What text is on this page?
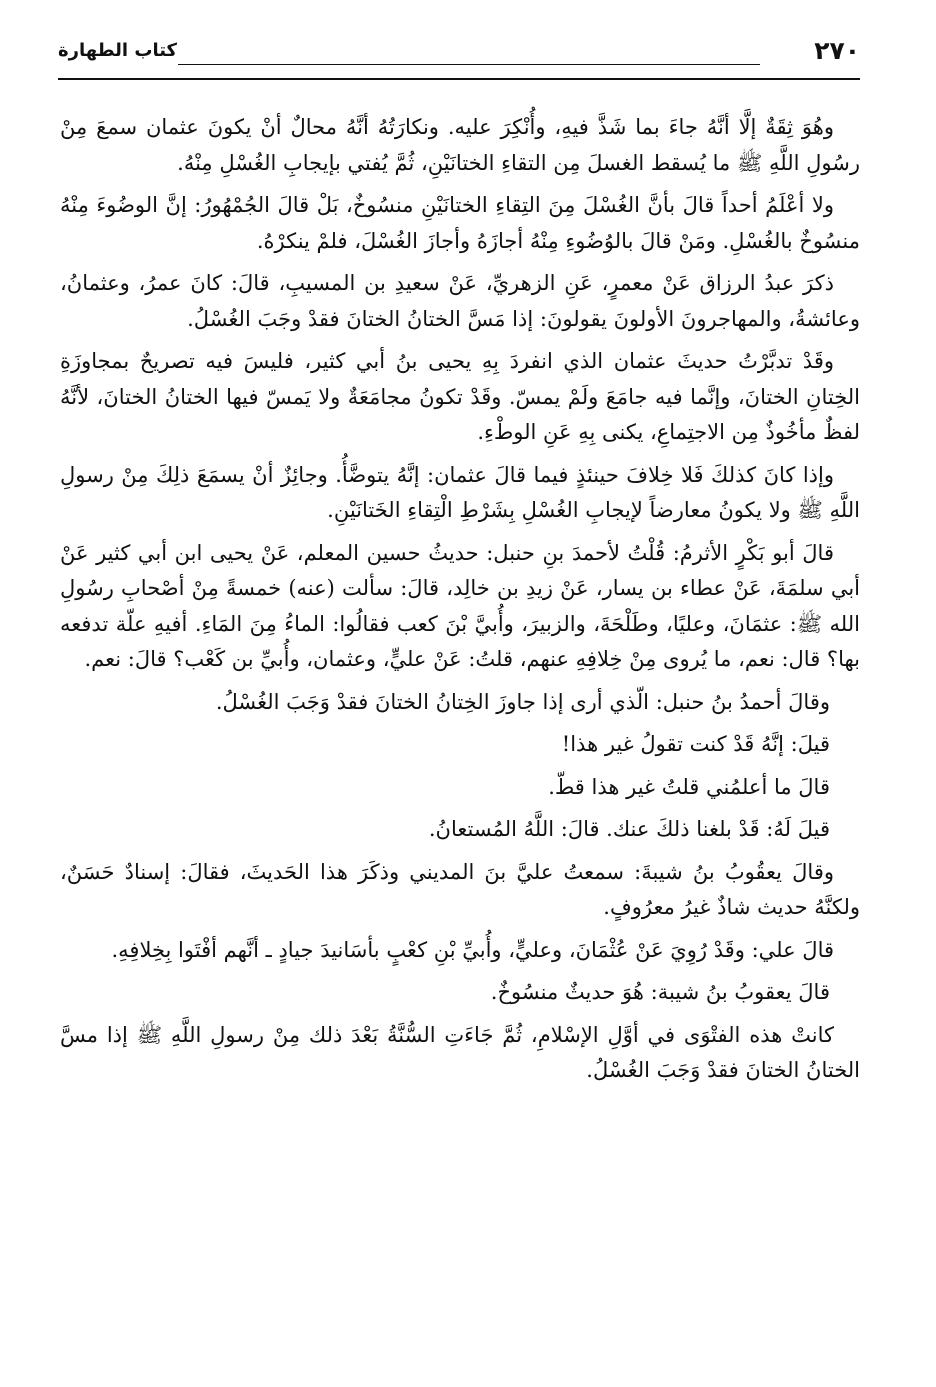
٢٧٠
كتاب الطهارة

وهُوَ ثِقَةٌ إلَّا أنَّهُ جاءَ بما شَذَّ فيهِ، وأُنْكِرَ عليه. ونكارَتُهُ أنَّهُ محالٌ أنْ يكونَ عثمان سمعَ مِنْ رسُولِ اللَّهِ ﷺ ما يُسقط الغسلَ مِن التقاءِ الختانَيْنِ، ثُمَّ يُفتي بإيجابِ الغُسْلِ مِنْهُ.

ولا أعْلَمُ أحداً قالَ بأنَّ الغُسْلَ مِنَ التِقاءِ الختانَيْنِ منسُوخٌ، بَلْ قالَ الجُمْهُورُ: إنَّ الوضُوءَ مِنْهُ منسُوخٌ بالغُسْلِ. ومَنْ قالَ بالوُضُوءِ مِنْهُ أجازَهُ وأجازَ الغُسْلَ، فلمْ ينكرْهُ.

ذكرَ عبدُ الرزاق عَنْ معمرٍ، عَنِ الزهريِّ، عَنْ سعيدِ بن المسيبِ، قالَ: كانَ عمرُ، وعثمانُ، وعائشةُ، والمهاجرونَ الأولونَ يقولونَ: إذا مَسَّ الختانُ الختانَ فقدْ وجَبَ الغُسْلُ.

وقَدْ تدبَّرْتُ حديثَ عثمان الذي انفردَ بِهِ يحيى بنُ أبي كثير، فليسَ فيه تصريحٌ بمجاوزَةِ الخِتانِ الختانَ، وإنَّما فيه جامَعَ ولَمْ يمسّ. وقَدْ تكونُ مجامَعَةٌ ولا يَمسّ فيها الختانُ الختانَ، لأنَّهُ لفظٌ مأخُوذٌ مِن الاجتِماعِ، يكنى بِهِ عَنِ الوطْءِ.

وإذا كانَ كذلكَ فَلا خِلافَ حينئذٍ فيما قالَ عثمان: إنَّهُ يتوضَّأُ. وجائِزٌ أنْ يسمَعَ ذلِكَ مِنْ رسولِ اللَّهِ ﷺ ولا يكونُ معارضاً لإيجابِ الغُسْلِ بِشَرْطِ الْتِقاءِ الخَتانَيْنِ.

قالَ أبو بَكْرٍ الأثرمُ: قُلْتُ لأحمدَ بنِ حنبل: حديثُ حسين المعلم، عَنْ يحيى ابن أبي كثير عَنْ أبي سلمَةَ، عَنْ عطاء بن يسار، عَنْ زيدِ بن خالِد، قالَ: سألت (عنه) خمسةً مِنْ أصْحابِ رسُولِ الله ﷺ: عثمَانَ، وعليًا، وطَلْحَةَ، والزبيرَ، وأُبيَّ بْنَ كعب فقالُوا: الماءُ مِنَ المَاءِ. أفيهِ علّة تدفعه بها؟ قال: نعم، ما يُروى مِنْ خِلافِهِ عنهم، قلتُ: عَنْ عليٍّ، وعثمان، وأُبيِّ بن كَعْب؟ قالَ: نعم.

وقالَ أحمدُ بنُ حنبل: الّذي أرى إذا جاوزَ الخِتانُ الختانَ فقدْ وَجَبَ الغُسْلُ.

قيلَ: إنَّهُ قَدْ كنت تقولُ غير هذا!

قالَ ما أعلمُني قلتُ غير هذا قطّ.

قيلَ لَهُ: قَدْ بلغنا ذلكَ عنك. قالَ: اللَّهُ المُستعانُ.

وقالَ يعقُوبُ بنُ شيبةَ: سمعتُ عليَّ بنَ المديني وذكَرَ هذا الحَديثَ، فقالَ: إسنادٌ حَسَنٌ، ولكنَّهُ حديث شاذٌ غيرُ معرُوفٍ.

قالَ علي: وقَدْ رُوِيَ عَنْ عُثْمَانَ، وعليٍّ، وأُبيِّ بْنِ كعْبٍ بأسَانيدَ جيادٍ ـ أنَّهم أفْتَوا بِخِلافِهِ.

قالَ يعقوبُ بنُ شيبة: هُوَ حديثٌ منسُوخٌ.

كانتْ هذه الفتْوَى في أوَّلِ الإسْلامِ، ثُمَّ جَاءَتِ السُّنَّةُ بَعْدَ ذلك مِنْ رسولِ اللَّهِ ﷺ إذا مسَّ الختانُ الختانَ فقدْ وَجَبَ الغُسْلُ.
